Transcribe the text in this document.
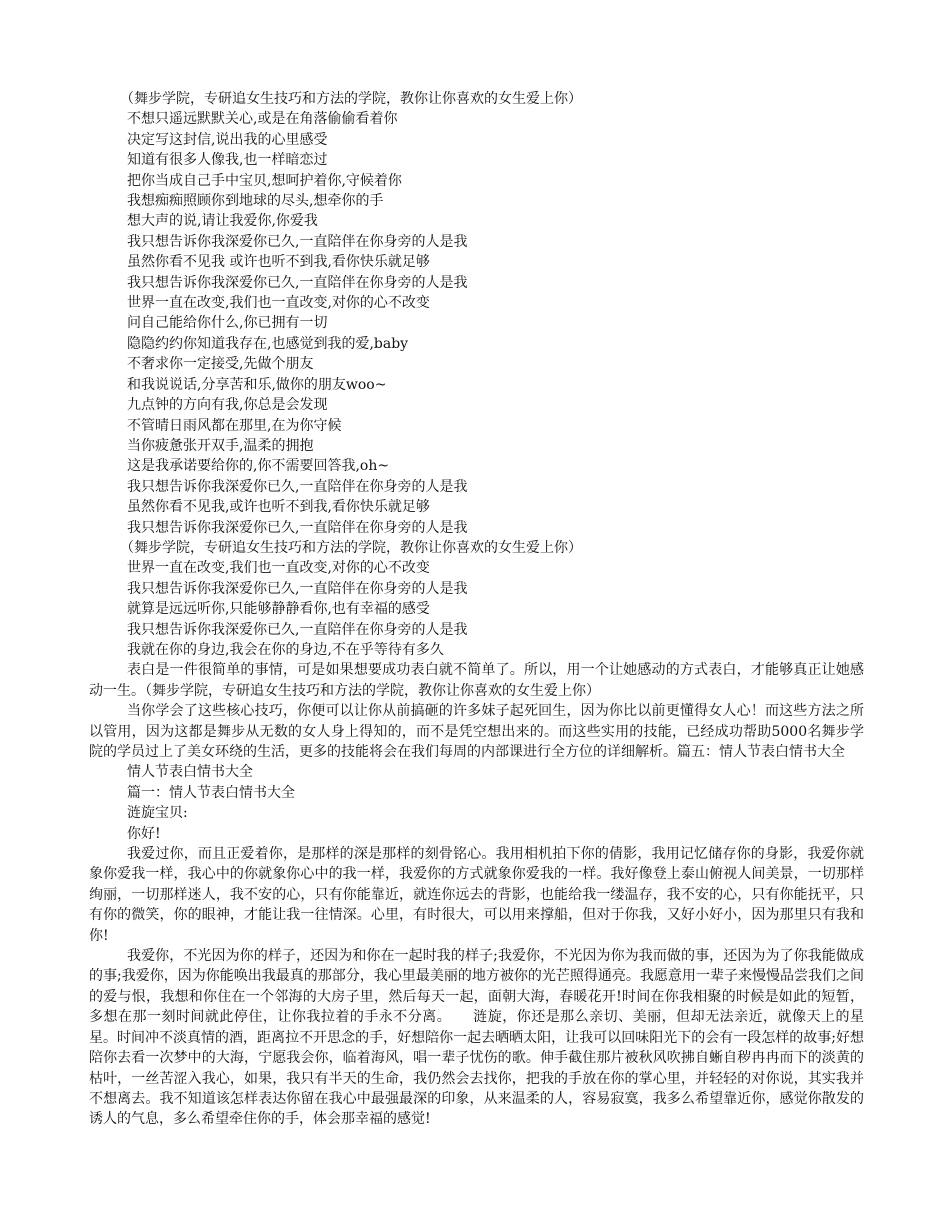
（舞步学院，专研追女生技巧和方法的学院，教你让你喜欢的女生爱上你）
不想只遥远默默关心,或是在角落偷偷看着你
决定写这封信,说出我的心里感受
知道有很多人像我,也一样暗恋过
把你当成自己手中宝贝,想呵护着你,守候着你
我想痴痴照顾你到地球的尽头,想牵你的手
想大声的说,请让我爱你,你爱我
我只想告诉你我深爱你已久,一直陪伴在你身旁的人是我
虽然你看不见我 或许也听不到我,看你快乐就足够
我只想告诉你我深爱你已久,一直陪伴在你身旁的人是我
世界一直在改变,我们也一直改变,对你的心不改变
问自己能给你什么,你已拥有一切
隐隐约约你知道我存在,也感觉到我的爱,baby
不奢求你一定接受,先做个朋友
和我说说话,分享苦和乐,做你的朋友woo~
九点钟的方向有我,你总是会发现
不管晴日雨风都在那里,在为你守候
当你疲惫张开双手,温柔的拥抱
这是我承诺要给你的,你不需要回答我,oh~
我只想告诉你我深爱你已久,一直陪伴在你身旁的人是我
虽然你看不见我,或许也听不到我,看你快乐就足够
我只想告诉你我深爱你已久,一直陪伴在你身旁的人是我
（舞步学院，专研追女生技巧和方法的学院，教你让你喜欢的女生爱上你）
世界一直在改变,我们也一直改变,对你的心不改变
我只想告诉你我深爱你已久,一直陪伴在你身旁的人是我
就算是远远听你,只能够静静看你,也有幸福的感受
我只想告诉你我深爱你已久,一直陪伴在你身旁的人是我
我就在你的身边,我会在你的身边,不在乎等待有多久
表白是一件很简单的事情，可是如果想要成功表白就不简单了。所以，用一个让她感动的方式表白，才能够真正让她感动一生。（舞步学院，专研追女生技巧和方法的学院，教你让你喜欢的女生爱上你）
当你学会了这些核心技巧，你便可以让你从前搞砸的许多妹子起死回生，因为你比以前更懂得女人心！而这些方法之所以管用，因为这都是舞步从无数的女人身上得知的，而不是凭空想出来的。而这些实用的技能，已经成功帮助5000名舞步学院的学员过上了美女环绕的生活，更多的技能将会在我们每周的内部课进行全方位的详细解析。篇五：情人节表白情书大全
情人节表白情书大全
篇一：情人节表白情书大全
涟旋宝贝:
你好!
我爱过你，而且正爱着你，是那样的深是那样的刻骨铭心。我用相机拍下你的倩影，我用记忆储存你的身影，我爱你就象你爱我一样，我心中的你就象你心中的我一样，我爱你的方式就象你爱我的一样。我好像登上泰山俯视人间美景，一切那样绚丽，一切那样迷人，我不安的心，只有你能靠近，就连你远去的背影，也能给我一缕温存，我不安的心，只有你能抚平，只有你的微笑，你的眼神，才能让我一往情深。心里，有时很大，可以用来撑船，但对于你我，又好小好小，因为那里只有我和你!
我爱你，不光因为你的样子，还因为和你在一起时我的样子;我爱你，不光因为你为我而做的事，还因为为了你我能做成的事;我爱你，因为你能唤出我最真的那部分，我心里最美丽的地方被你的光芒照得通亮。我愿意用一辈子来慢慢品尝我们之间的爱与恨，我想和你住在一个邻海的大房子里，然后每天一起，面朝大海，春暖花开!时间在你我相聚的时候是如此的短暂，多想在那一刻时间就此停住，让你我拉着的手永不分离。　　涟旋，你还是那么亲切、美丽，但却无法亲近，就像天上的星星。时间冲不淡真情的酒，距离拉不开思念的手，好想陪你一起去晒晒太阳，让我可以回味阳光下的会有一段怎样的故事;好想陪你去看一次梦中的大海，宁愿我会你，临着海风，唱一辈子忧伤的歌。伸手截住那片被秋风吹拂自蜥自秽冉冉而下的淡黄的枯叶，一丝苦涩入我心，如果，我只有半天的生命，我仍然会去找你，把我的手放在你的掌心里，并轻轻的对你说，其实我并不想离去。我不知道该怎样表达你留在我心中最强最深的印象，从来温柔的人，容易寂寞，我多么希望靠近你，感觉你散发的诱人的气息，多么希望牵住你的手，体会那幸福的感觉!
